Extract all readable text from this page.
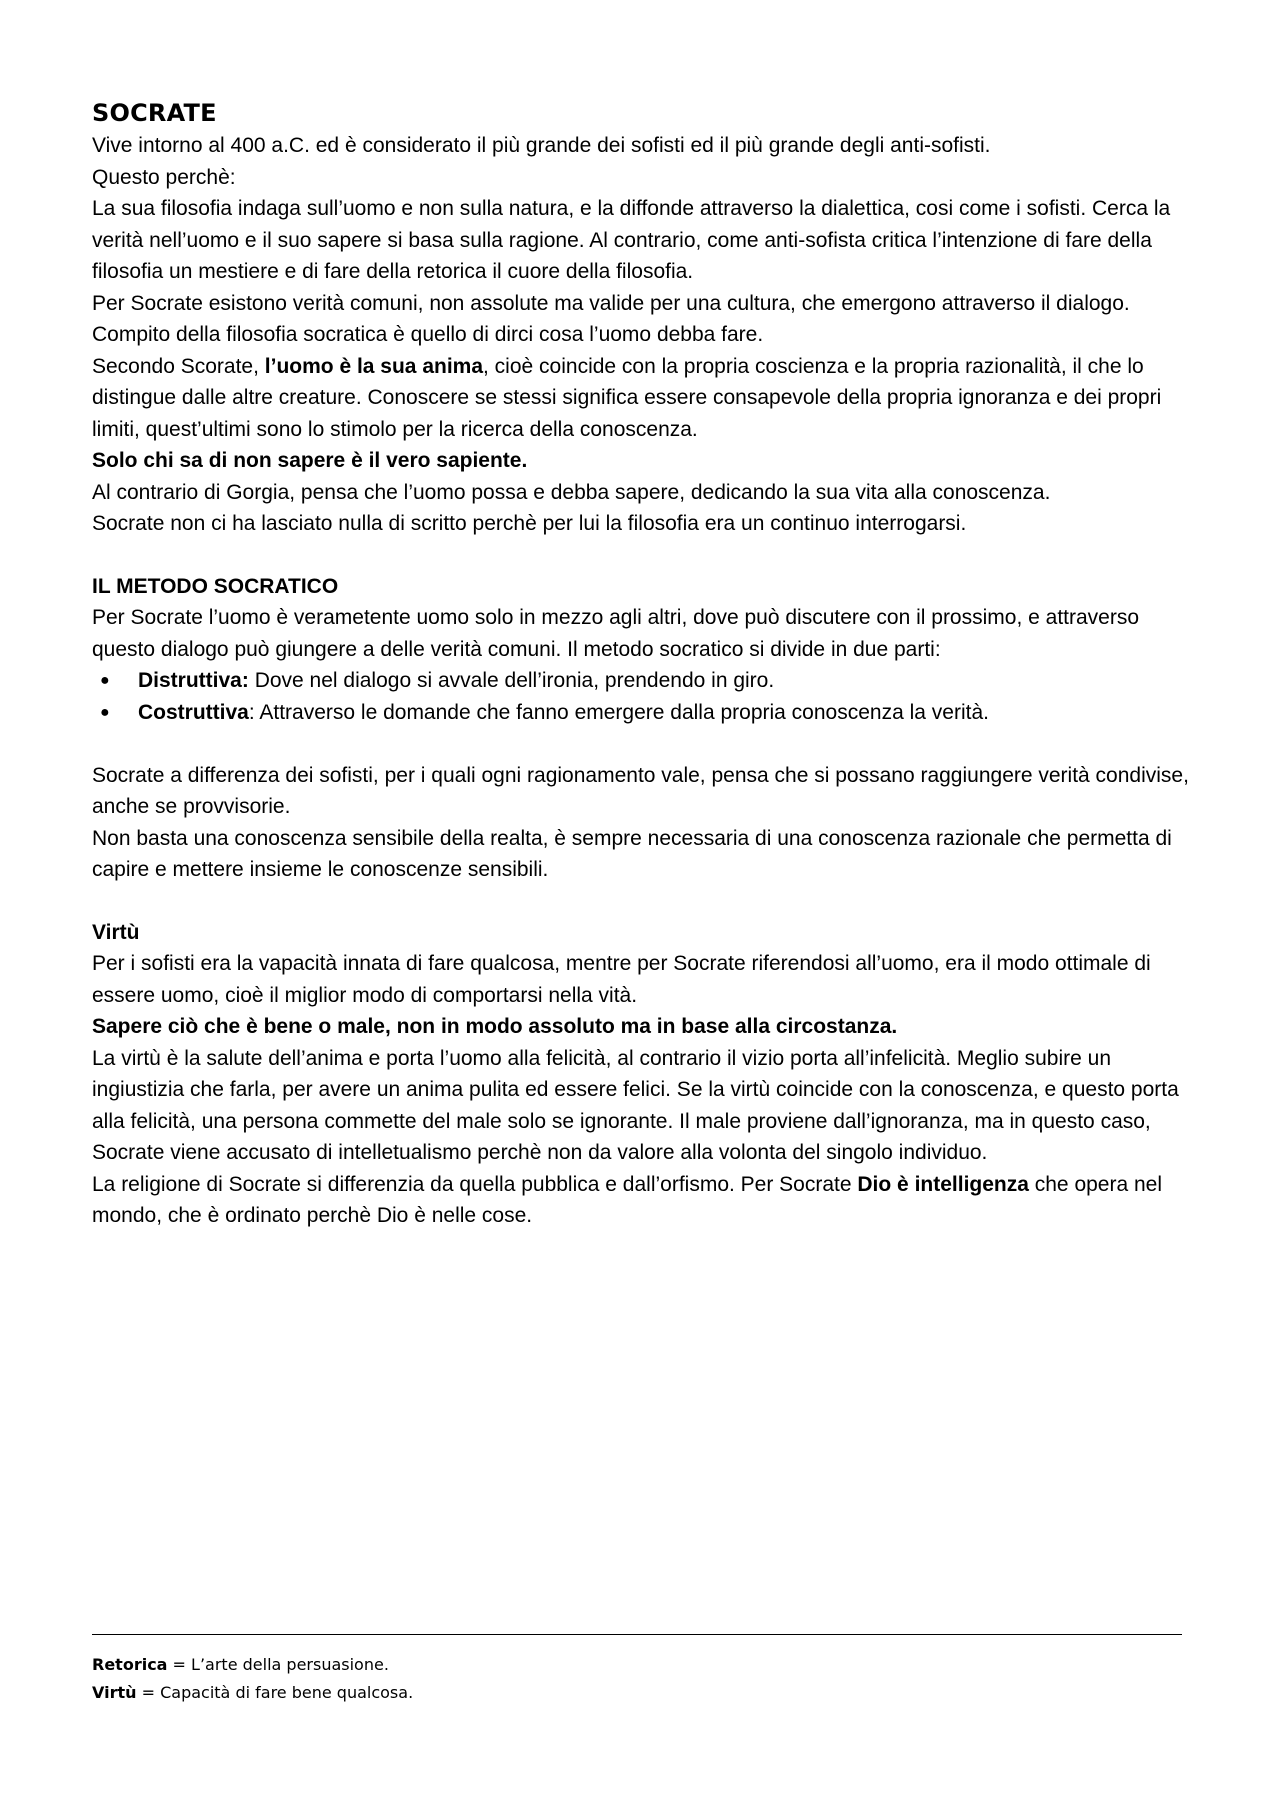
SOCRATE

Vive intorno al 400 a.C. ed è considerato il più grande dei sofisti ed il più grande degli anti-sofisti.

Questo perchè:

La sua filosofia indaga sull’uomo e non sulla natura, e la diffonde attraverso la dialettica, cosi come i sofisti. Cerca la verità nell’uomo e il suo sapere si basa sulla ragione. Al contrario, come anti-sofista critica l’intenzione di fare della filosofia un mestiere e di fare della retorica il cuore della filosofia.

Per Socrate esistono verità comuni, non assolute ma valide per una cultura, che emergono attraverso il dialogo. Compito della filosofia socratica è quello di dirci cosa l’uomo debba fare.

Secondo Scorate, l’uomo è la sua anima, cioè coincide con la propria coscienza e la propria razionalità, il che lo distingue dalle altre creature. Conoscere se stessi significa essere consapevole della propria ignoranza e dei propri limiti, quest’ultimi sono lo stimolo per la ricerca della conoscenza.

Solo chi sa di non sapere è il vero sapiente.

Al contrario di Gorgia, pensa che l’uomo possa e debba sapere, dedicando la sua vita alla conoscenza.

Socrate non ci ha lasciato nulla di scritto perchè per lui la filosofia era un continuo interrogarsi.

IL METODO SOCRATICO

Per Socrate l’uomo è verametente uomo solo in mezzo agli altri, dove può discutere con il prossimo, e attraverso questo dialogo può giungere a delle verità comuni. Il metodo socratico si divide in due parti:

● Distruttiva: Dove nel dialogo si avvale dell’ironia, prendendo in giro.
● Costruttiva: Attraverso le domande che fanno emergere dalla propria conoscenza la verità.

Socrate a differenza dei sofisti, per i quali ogni ragionamento vale, pensa che si possano raggiungere verità condivise, anche se provvisorie.

Non basta una conoscenza sensibile della realta, è sempre necessaria di una conoscenza razionale che permetta di capire e mettere insieme le conoscenze sensibili.

Virtù

Per i sofisti era la vapacità innata di fare qualcosa, mentre per Socrate riferendosi all’uomo, era il modo ottimale di essere uomo, cioè il miglior modo di comportarsi nella vità.

Sapere ciò che è bene o male, non in modo assoluto ma in base alla circostanza.

La virtù è la salute dell’anima e porta l’uomo alla felicità, al contrario il vizio porta all’infelicità. Meglio subire un ingiustizia che farla, per avere un anima pulita ed essere felici. Se la virtù coincide con la conoscenza, e questo porta alla felicità, una persona commette del male solo se ignorante. Il male proviene dall’ignoranza, ma in questo caso, Socrate viene accusato di intelletualismo perchè non da valore alla volonta del singolo individuo.

La religione di Socrate si differenzia da quella pubblica e dall’orfismo. Per Socrate Dio è intelligenza che opera nel mondo, che è ordinato perchè Dio è nelle cose.

Retorica = L’arte della persuasione.

Virtù = Capacità di fare bene qualcosa.
